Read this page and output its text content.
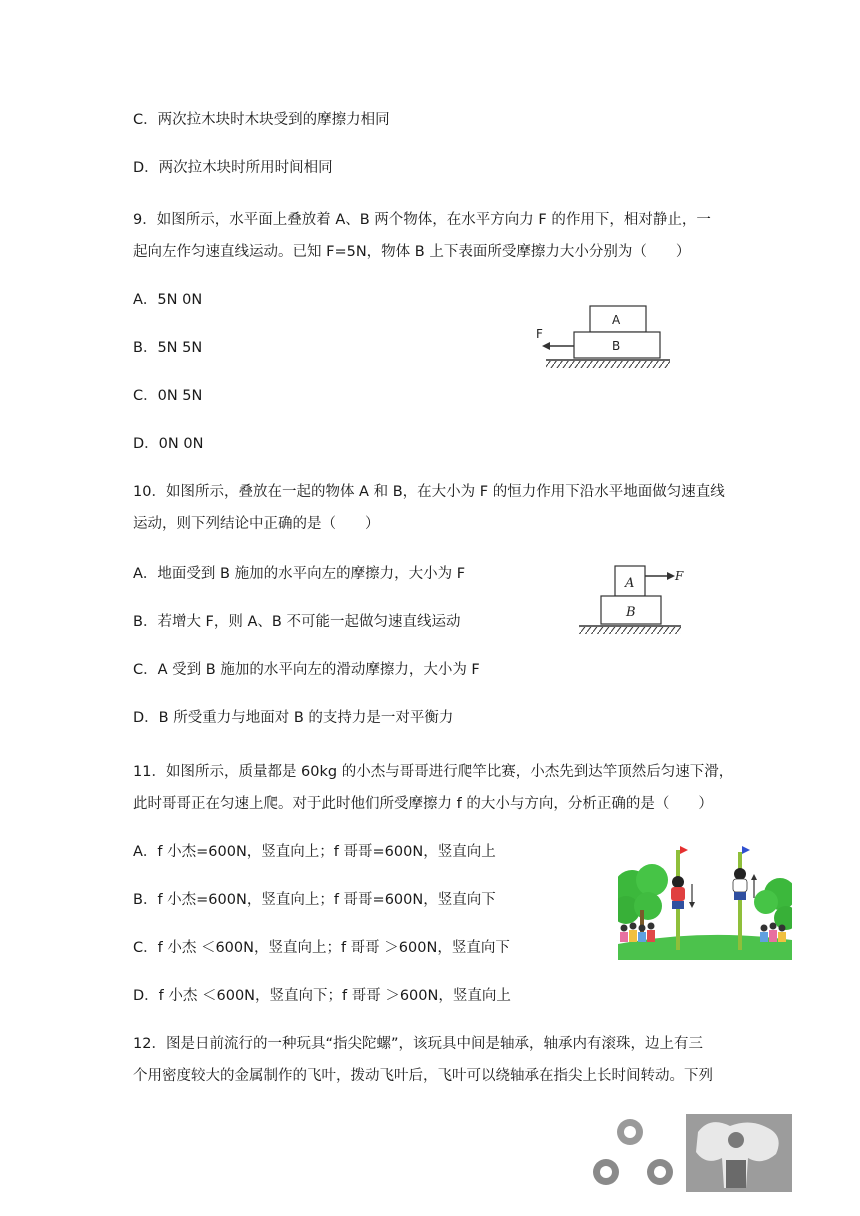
C．两次拉木块时木块受到的摩擦力相同
D．两次拉木块时所用时间相同
9．如图所示，水平面上叠放着 A、B 两个物体，在水平方向力 F 的作用下，相对静止，一
起向左作匀速直线运动。已知 F=5N，物体 B 上下表面所受摩擦力大小分别为（　　）
A．5N 0N
B．5N 5N
C．0N 5N
D．0N 0N
F
A
B
10．如图所示，叠放在一起的物体 A 和 B，在大小为 F 的恒力作用下沿水平地面做匀速直线
运动，则下列结论中正确的是（　　）
A．地面受到 B 施加的水平向左的摩擦力，大小为 F
B．若增大 F，则 A、B 不可能一起做匀速直线运动
C．A 受到 B 施加的水平向左的滑动摩擦力，大小为 F
D．B 所受重力与地面对 B 的支持力是一对平衡力
F
A
B
11．如图所示，质量都是 60kg 的小杰与哥哥进行爬竿比赛，小杰先到达竿顶然后匀速下滑，
此时哥哥正在匀速上爬。对于此时他们所受摩擦力 f 的大小与方向，分析正确的是（　　）
A．f 小杰=600N，竖直向上；f 哥哥=600N，竖直向上
B．f 小杰=600N，竖直向上；f 哥哥=600N，竖直向下
C．f 小杰 ＜600N，竖直向上；f 哥哥 ＞600N，竖直向下
D．f 小杰 ＜600N，竖直向下；f 哥哥 ＞600N，竖直向上
12．图是日前流行的一种玩具“指尖陀螺”，该玩具中间是轴承，轴承内有滚珠，边上有三
个用密度较大的金属制作的飞叶，拨动飞叶后，飞叶可以绕轴承在指尖上长时间转动。下列
